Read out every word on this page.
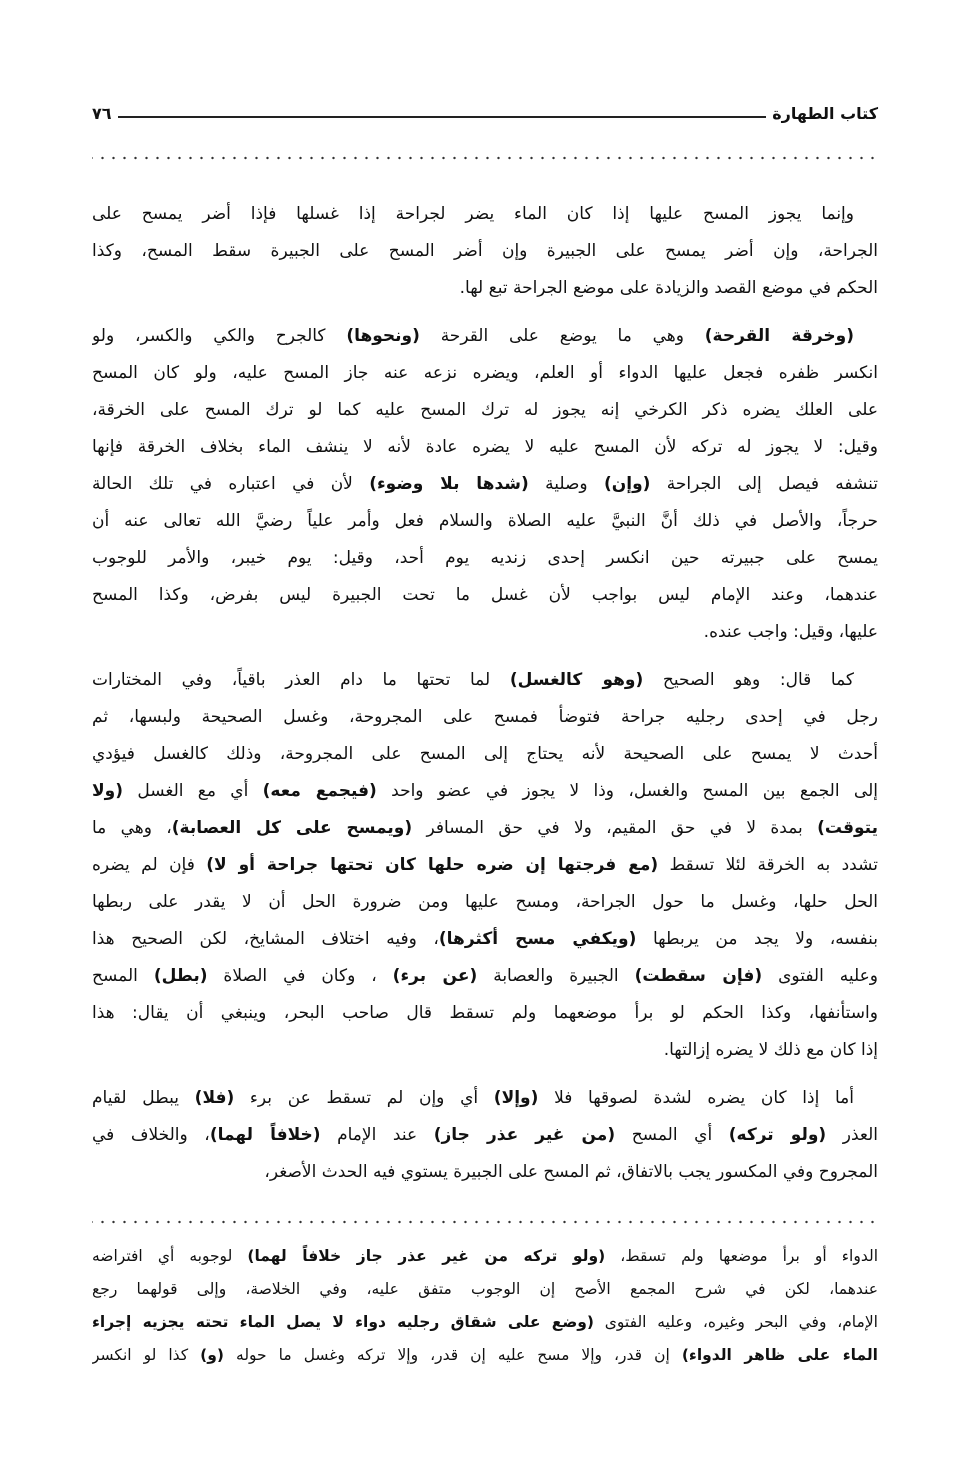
٧٦	كتاب الطهارة
وإنما يجوز المسح عليها إذا كان الماء يضر لجراحة إذا غسلها فإذا أضر يمسح على
الجراحة، وإن أضر يمسح على الجبيرة وإن أضر المسح على الجبيرة سقط المسح، وكذا
الحكم في موضع القصد والزيادة على موضع الجراحة تبع لها.
(وخرقة القرحة) وهي ما يوضع على القرحة (ونحوها) كالجرح والكي والكسر، ولو
انكسر ظفره فجعل عليها الدواء أو العلم، ويضره نزعه عنه جاز المسح عليه، ولو كان المسح
على العلك يضره ذكر الكرخي إنه يجوز له ترك المسح عليه كما لو ترك المسح على الخرقة،
وقيل: لا يجوز له تركه لأن المسح عليه لا يضره عادة لأنه لا ينشف الماء بخلاف الخرقة فإنها
تنشفه فيصل إلى الجراحة (وإن) وصلية (شدها بلا وضوء) لأن في اعتباره في تلك الحالة
حرجاً، والأصل في ذلك أنَّ النبيَّ عليه الصلاة والسلام فعل وأمر علياً رضيَّ الله تعالى عنه أن
يمسح على جبيرته حين انكسر إحدى زنديه يوم أحد، وقيل: يوم خيبر، والأمر للوجوب
عندهما، وعند الإمام ليس بواجب لأن غسل ما تحت الجبيرة ليس بفرض، وكذا المسح
عليها، وقيل: واجب عنده.
كما قال: وهو الصحيح (وهو كالغسل) لما تحتها ما دام العذر باقياً، وفي المختارات
رجل في إحدى رجليه جراحة فتوضأ فمسح على المجروحة، وغسل الصحيحة ولبسها، ثم
أحدث لا يمسح على الصحيحة لأنه يحتاج إلى المسح على المجروحة، وذلك كالغسل فيؤدي
إلى الجمع بين المسح والغسل، وذا لا يجوز في عضو واحد (فيجمع معه) أي مع الغسل (ولا
يتوقت) بمدة لا في حق المقيم، ولا في حق المسافر (ويمسح على كل العصابة)، وهي ما
تشدد به الخرقة لئلا تسقط (مع فرجتها إن ضره حلها كان تحتها جراحة أو لا) فإن لم يضره
الحل حلها، وغسل ما حول الجراحة، ومسح عليها ومن ضرورة الحل أن لا يقدر على ربطها
بنفسه، ولا يجد من يربطها (ويكفي مسح أكثرها)، وفيه اختلاف المشايخ، لكن الصحيح هذا
وعليه الفتوى (فإن سقطت) الجبيرة والعصابة (عن برء) ، وكان في الصلاة (بطل) المسح
واستأنفها، وكذا الحكم لو برأ موضعهما ولم تسقط قال صاحب البحر، وينبغي أن يقال: هذا
إذا كان مع ذلك لا يضره إزالتها.
أما إذا كان يضره لشدة لصوقها فلا (وإلا) أي وإن لم تسقط عن برء (فلا) يبطل لقيام
العذر (ولو تركه) أي المسح (من غير عذر جاز) عند الإمام (خلافاً لهما)، والخلاف في
المجروح وفي المكسور يجب بالاتفاق، ثم المسح على الجبيرة يستوي فيه الحدث الأصغر،
الدواء أو برأ موضعها ولم تسقط، (ولو تركه من غير عذر جاز خلافاً لهما) لوجوبه أي افتراضه
عندهما، لكن في شرح المجمع الأصح إن الوجوب متفق عليه، وفي الخلاصة، وإلى قولهما رجع
الإمام، وفي البحر وغيره، وعليه الفتوى (وضع على شقاق رجليه دواء لا يصل الماء تحته يجزيه إجراء
الماء على ظاهر الدواء) إن قدر، وإلا مسح عليه إن قدر، وإلا تركه وغسل ما حوله (و) كذا لو انكسر
